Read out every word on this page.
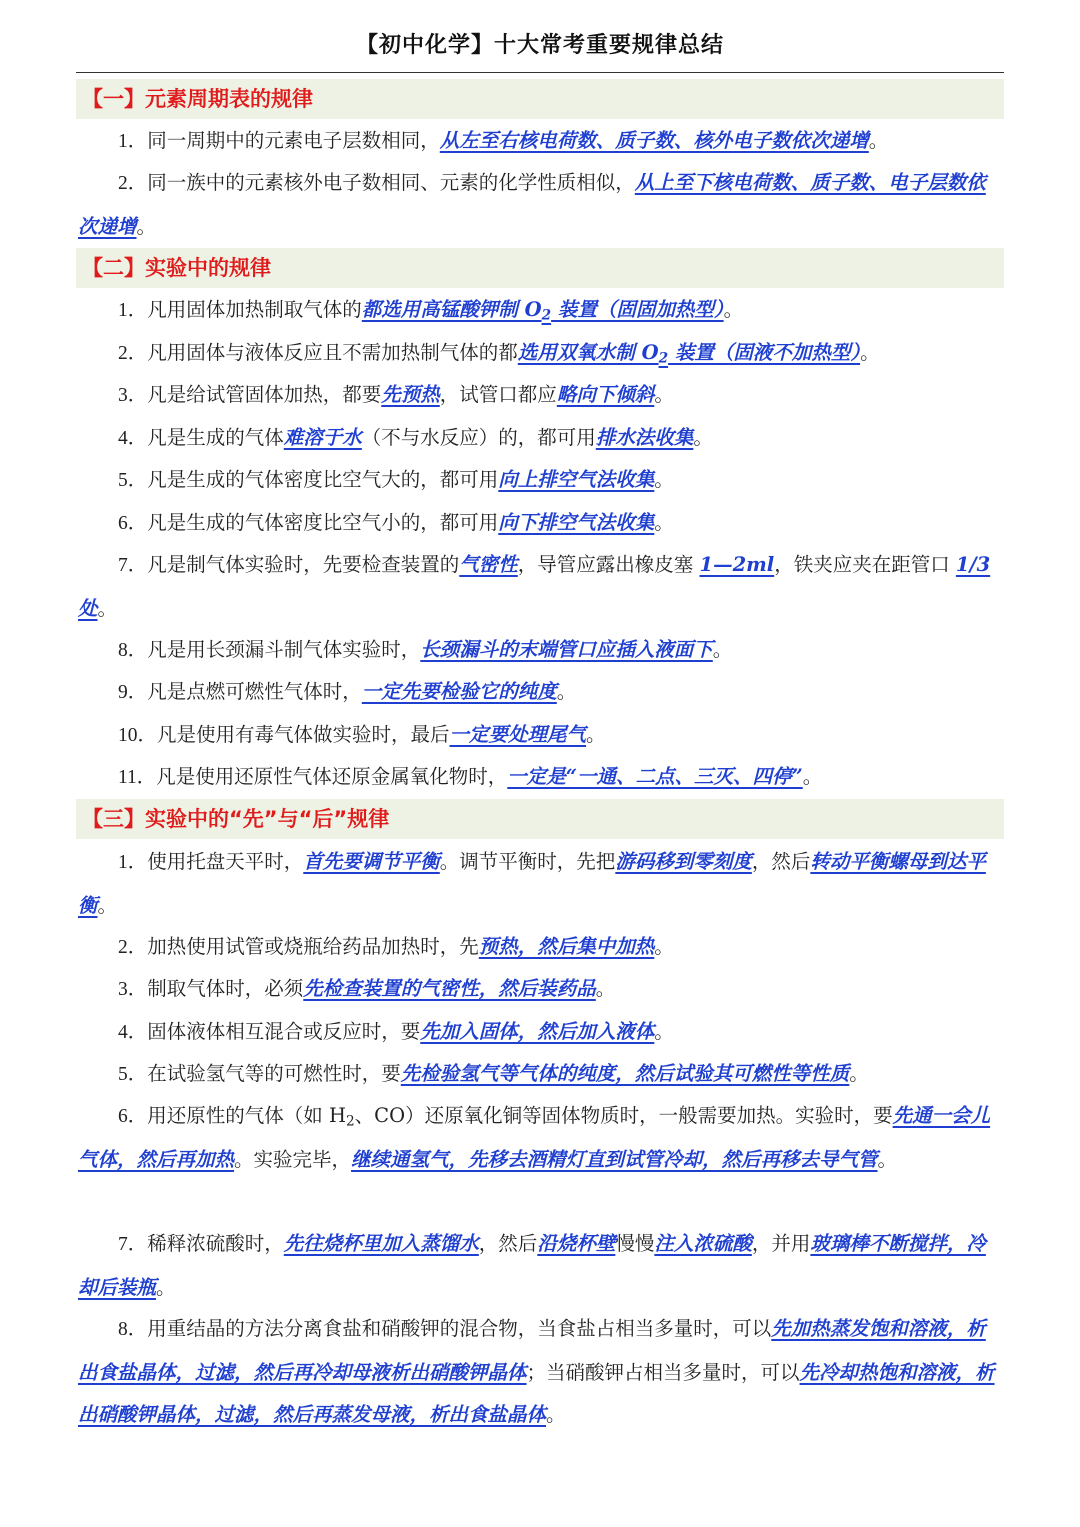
【初中化学】十大常考重要规律总结
【一】元素周期表的规律
1．同一周期中的元素电子层数相同，从左至右核电荷数、质子数、核外电子数依次递增。
2．同一族中的元素核外电子数相同、元素的化学性质相似，从上至下核电荷数、质子数、电子层数依次递增。
【二】实验中的规律
1．凡用固体加热制取气体的都选用高锰酸钾制 $O_2$ 装置（固固加热型）。
2．凡用固体与液体反应且不需加热制气体的都选用双氧水制 $O_2$ 装置（固液不加热型）。
3．凡是给试管固体加热，都要先预热，试管口都应略向下倾斜。
4．凡是生成的气体难溶于水（不与水反应）的，都可用排水法收集。
5．凡是生成的气体密度比空气大的，都可用向上排空气法收集。
6．凡是生成的气体密度比空气小的，都可用向下排空气法收集。
7．凡是制气体实验时，先要检查装置的气密性，导管应露出橡皮塞 1—2ml，铁夹应夹在距管口 1/3 处。
8．凡是用长颈漏斗制气体实验时，长颈漏斗的末端管口应插入液面下。
9．凡是点燃可燃性气体时，一定先要检验它的纯度。
10．凡是使用有毒气体做实验时，最后一定要处理尾气。
11．凡是使用还原性气体还原金属氧化物时，一定是“一通、二点、三灭、四停”。
【三】实验中的“先”与“后”规律
1．使用托盘天平时，首先要调节平衡。调节平衡时，先把游码移到零刻度，然后转动平衡螺母到达平衡。
2．加热使用试管或烧瓶给药品加热时，先预热，然后集中加热。
3．制取气体时，必须先检查装置的气密性，然后装药品。
4．固体液体相互混合或反应时，要先加入固体，然后加入液体。
5．在试验氢气等的可燃性时，要先检验氢气等气体的纯度，然后试验其可燃性等性质。
6．用还原性的气体（如 $H_2$、CO）还原氧化铜等固体物质时，一般需要加热。实验时，要先通一会儿气体，然后再加热。实验完毕，继续通氢气，先移去酒精灯直到试管冷却，然后再移去导气管。
7．稀释浓硫酸时，先往烧杯里加入蒸馏水，然后沿烧杯壁慢慢注入浓硫酸，并用玻璃棒不断搅拌，冷却后装瓶。
8．用重结晶的方法分离食盐和硝酸钾的混合物，当食盐占相当多量时，可以先加热蒸发饱和溶液，析出食盐晶体，过滤，然后再冷却母液析出硝酸钾晶体；当硝酸钾占相当多量时，可以先冷却热饱和溶液，析出硝酸钾晶体，过滤，然后再蒸发母液，析出食盐晶体。
